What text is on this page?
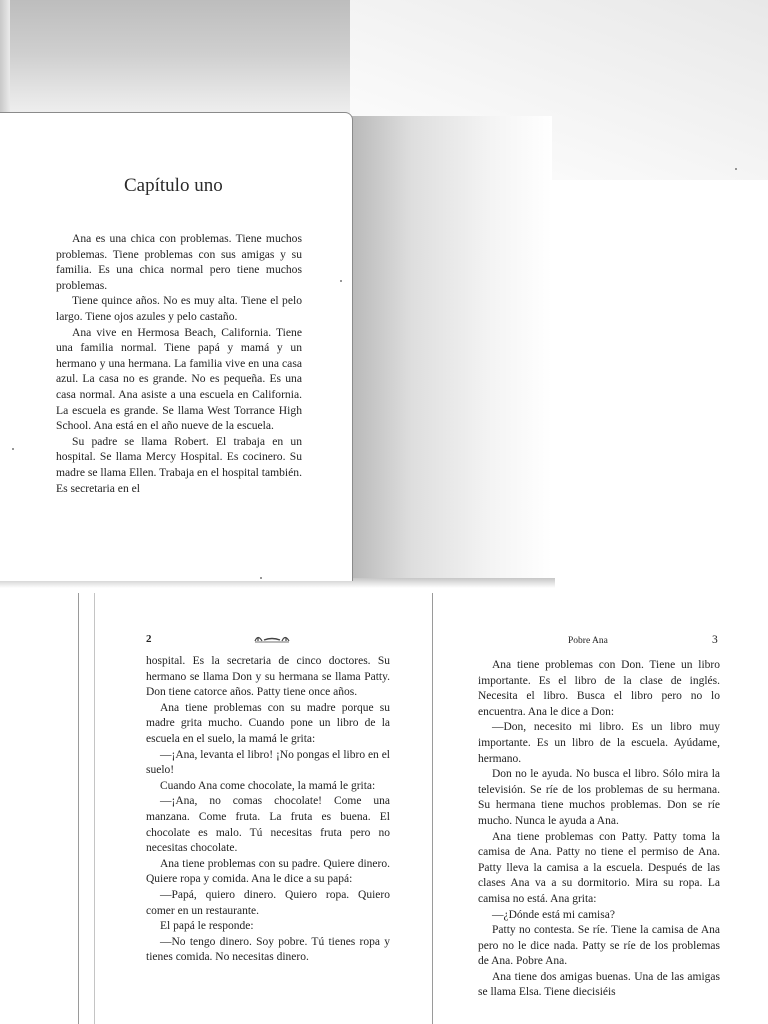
Capítulo uno

Ana es una chica con problemas. Tiene muchos problemas. Tiene problemas con sus amigas y su familia. Es una chica normal pero tiene muchos problemas.

Tiene quince años. No es muy alta. Tiene el pelo largo. Tiene ojos azules y pelo castaño.

Ana vive en Hermosa Beach, California. Tiene una familia normal. Tiene papá y mamá y un hermano y una hermana. La familia vive en una casa azul. La casa no es grande. No es pequeña. Es una casa normal. Ana asiste a una escuela en California. La escuela es grande. Se llama West Torrance High School. Ana está en el año nueve de la escuela.

Su padre se llama Robert. El trabaja en un hospital. Se llama Mercy Hospital. Es cocinero. Su madre se llama Ellen. Trabaja en el hospital también. Es secretaria en el

2

hospital. Es la secretaria de cinco doctores. Su hermano se llama Don y su hermana se llama Patty. Don tiene catorce años. Patty tiene once años.

Ana tiene problemas con su madre porque su madre grita mucho. Cuando pone un libro de la escuela en el suelo, la mamá le grita:

—¡Ana, levanta el libro! ¡No pongas el libro en el suelo!

Cuando Ana come chocolate, la mamá le grita:

—¡Ana, no comas chocolate! Come una manzana. Come fruta. La fruta es buena. El chocolate es malo. Tú necesitas fruta pero no necesitas chocolate.

Ana tiene problemas con su padre. Quiere dinero. Quiere ropa y comida. Ana le dice a su papá:

—Papá, quiero dinero. Quiero ropa. Quiero comer en un restaurante.

El papá le responde:

—No tengo dinero. Soy pobre. Tú tienes ropa y tienes comida. No necesitas dinero.

Pobre Ana	3

Ana tiene problemas con Don. Tiene un libro importante. Es el libro de la clase de inglés. Necesita el libro. Busca el libro pero no lo encuentra. Ana le dice a Don:

—Don, necesito mi libro. Es un libro muy importante. Es un libro de la escuela. Ayúdame, hermano.

Don no le ayuda. No busca el libro. Sólo mira la televisión. Se ríe de los problemas de su hermana. Su hermana tiene muchos problemas. Don se ríe mucho. Nunca le ayuda a Ana.

Ana tiene problemas con Patty. Patty toma la camisa de Ana. Patty no tiene el permiso de Ana. Patty lleva la camisa a la escuela. Después de las clases Ana va a su dormitorio. Mira su ropa. La camisa no está. Ana grita:

—¿Dónde está mi camisa?

Patty no contesta. Se ríe. Tiene la camisa de Ana pero no le dice nada. Patty se ríe de los problemas de Ana. Pobre Ana.

Ana tiene dos amigas buenas. Una de las amigas se llama Elsa. Tiene diecisiéis
